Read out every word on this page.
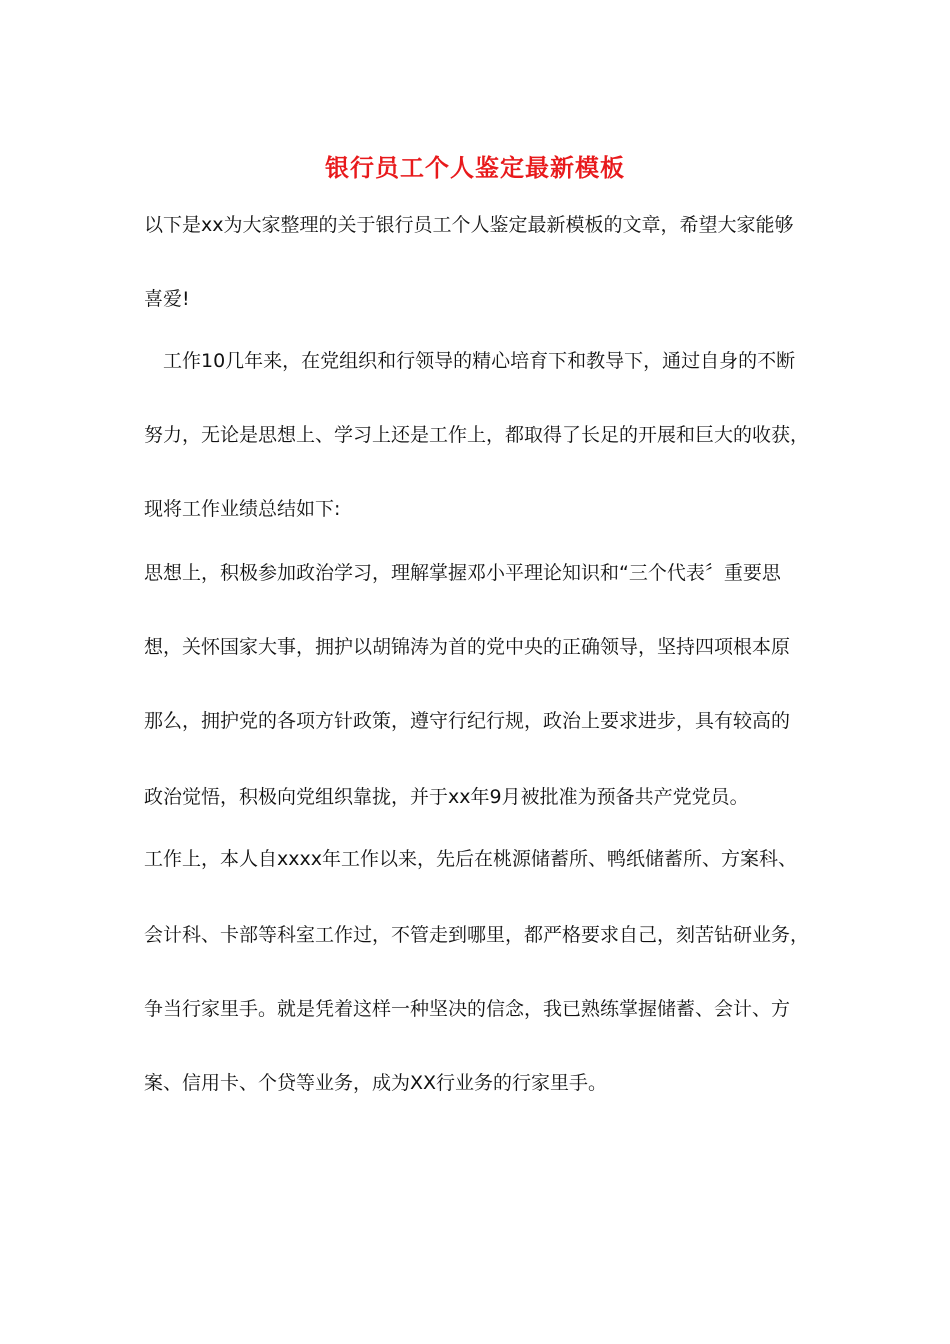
银行员工个人鉴定最新模板
以下是xx为大家整理的关于银行员工个人鉴定最新模板的文章，希望大家能够
喜爱!
工作10几年来，在党组织和行领导的精心培育下和教导下，通过自身的不断
努力，无论是思想上、学习上还是工作上，都取得了长足的开展和巨大的收获，
现将工作业绩总结如下:
思想上，积极参加政治学习，理解掌握邓小平理论知识和“三个代表〞重要思
想，关怀国家大事，拥护以胡锦涛为首的党中央的正确领导，坚持四项根本原
那么，拥护党的各项方针政策，遵守行纪行规，政治上要求进步，具有较高的
政治觉悟，积极向党组织靠拢，并于xx年9月被批准为预备共产党党员。
工作上，本人自xxxx年工作以来，先后在桃源储蓄所、鸭纸储蓄所、方案科、
会计科、卡部等科室工作过，不管走到哪里，都严格要求自己，刻苦钻研业务，
争当行家里手。就是凭着这样一种坚决的信念，我已熟练掌握储蓄、会计、方
案、信用卡、个贷等业务，成为XX行业务的行家里手。
